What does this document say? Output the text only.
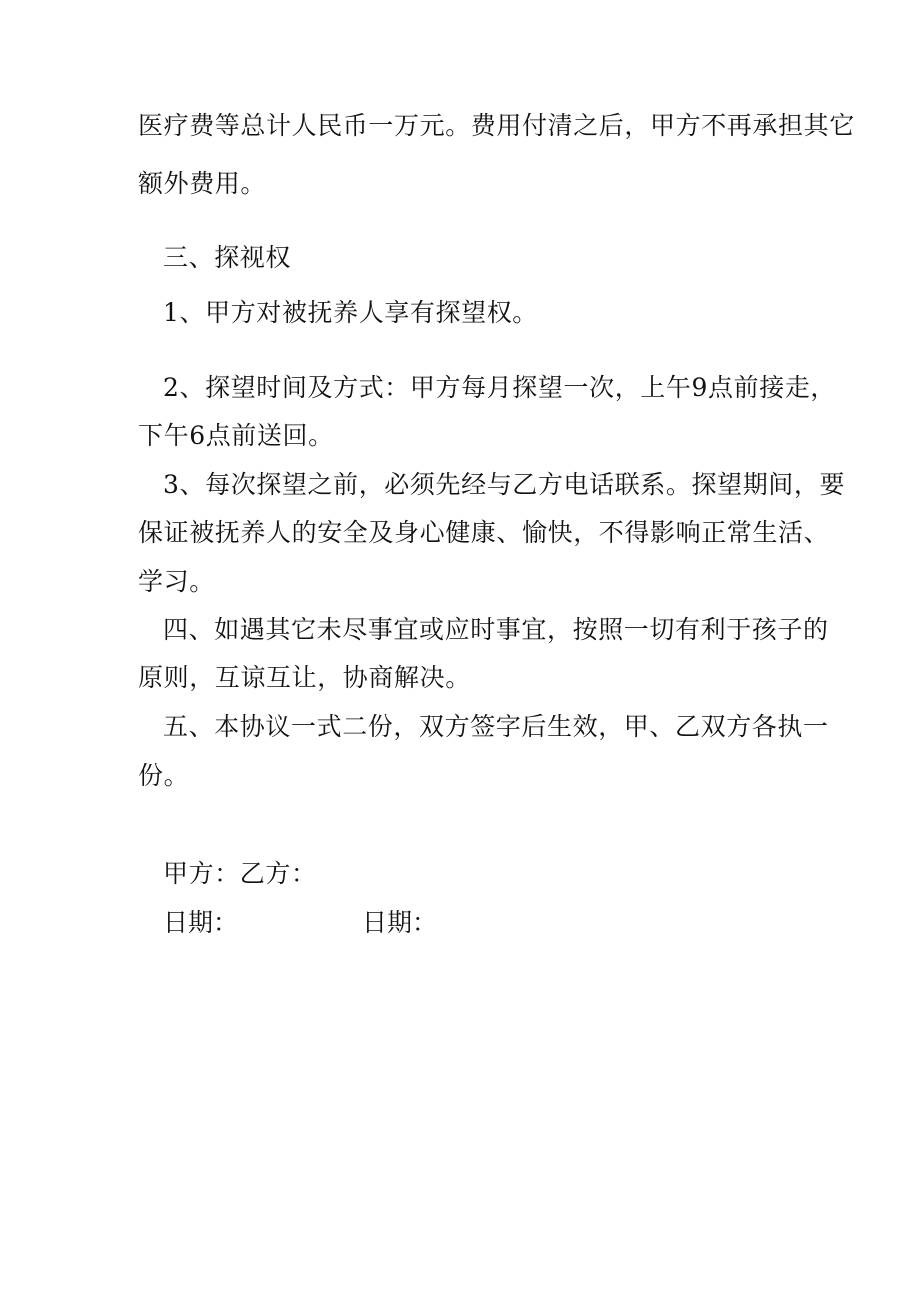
医疗费等总计人民币一万元。费用付清之后，甲方不再承担其它
额外费用。
三、探视权
1、甲方对被抚养人享有探望权。
2、探望时间及方式：甲方每月探望一次，上午9点前接走，
下午6点前送回。
3、每次探望之前，必须先经与乙方电话联系。探望期间，要
保证被抚养人的安全及身心健康、愉快，不得影响正常生活、
学习。
四、如遇其它未尽事宜或应时事宜，按照一切有利于孩子的
原则，互谅互让，协商解决。
五、本协议一式二份，双方签字后生效，甲、乙双方各执一
份。
甲方：乙方：
日期：	日期：
